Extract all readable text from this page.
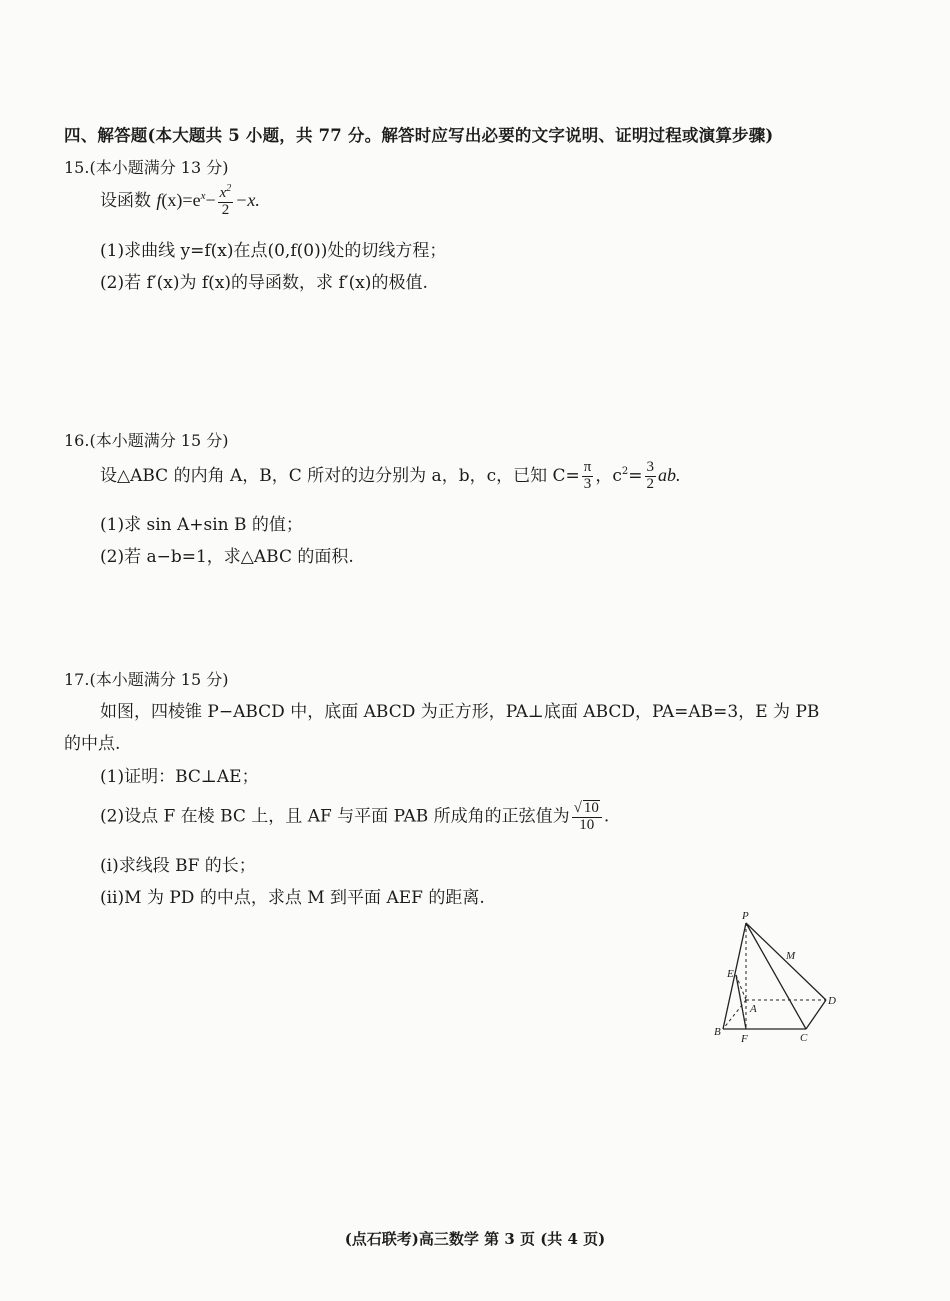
四、解答题(本大题共 5 小题，共 77 分。解答时应写出必要的文字说明、证明过程或演算步骤)
15.(本小题满分 13 分)
设函数 $f(x)=e^x- \frac{x^2}{2} -x$.
(1)求曲线 y=f(x)在点(0,f(0))处的切线方程；
(2)若 f′(x)为 f(x)的导函数，求 f′(x)的极值.
16.(本小题满分 15 分)
设△ABC 的内角 A，B，C 所对的边分别为 a，b，c，已知 $C= \frac{\pi}{3}$ ，$c^2= \frac{3}{2}$ ab.
(1)求 sin A+sin B 的值；
(2)若 a−b=1，求△ABC 的面积.
17.(本小题满分 15 分)
如图，四棱锥 P−ABCD 中，底面 ABCD 为正方形，PA⊥底面 ABCD，PA=AB=3，E 为 PB
的中点.
(1)证明：BC⊥AE；
(2)设点 F 在棱 BC 上，且 AF 与平面 PAB 所成角的正弦值为 $\frac{√ 10}{10}$ .
(ⅰ)求线段 BF 的长；
(ⅱ)M 为 PD 的中点，求点 M 到平面 AEF 的距离.
P
M
E
A
D
B
F	C
(点石联考)高三数学 第 3 页 (共 4 页)
